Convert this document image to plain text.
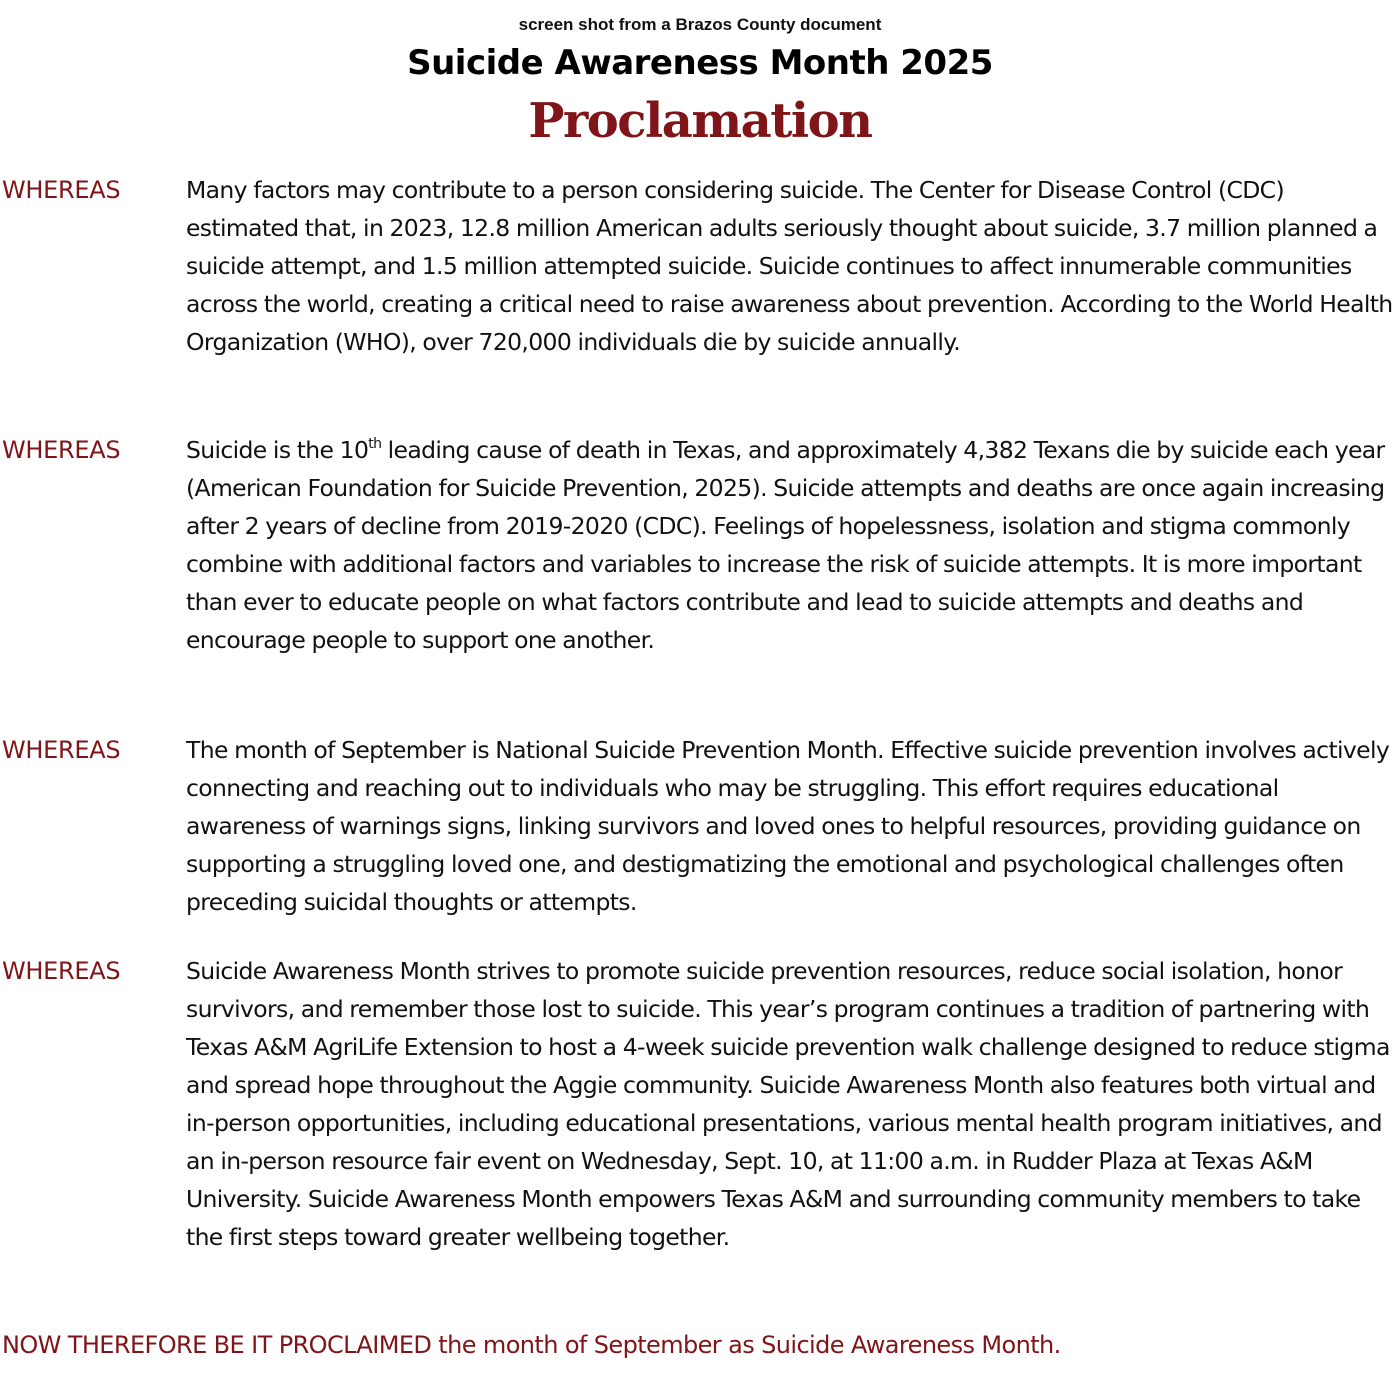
screen shot from a Brazos County document
Suicide Awareness Month 2025
Proclamation
WHEREAS	Many factors may contribute to a person considering suicide. The Center for Disease Control (CDC) estimated that, in 2023, 12.8 million American adults seriously thought about suicide, 3.7 million planned a suicide attempt, and 1.5 million attempted suicide. Suicide continues to affect innumerable communities across the world, creating a critical need to raise awareness about prevention. According to the World Health Organization (WHO), over 720,000 individuals die by suicide annually.
WHEREAS	Suicide is the 10th leading cause of death in Texas, and approximately 4,382 Texans die by suicide each year (American Foundation for Suicide Prevention, 2025). Suicide attempts and deaths are once again increasing after 2 years of decline from 2019-2020 (CDC). Feelings of hopelessness, isolation and stigma commonly combine with additional factors and variables to increase the risk of suicide attempts. It is more important than ever to educate people on what factors contribute and lead to suicide attempts and deaths and encourage people to support one another.
WHEREAS	The month of September is National Suicide Prevention Month. Effective suicide prevention involves actively connecting and reaching out to individuals who may be struggling. This effort requires educational awareness of warnings signs, linking survivors and loved ones to helpful resources, providing guidance on supporting a struggling loved one, and destigmatizing the emotional and psychological challenges often preceding suicidal thoughts or attempts.
WHEREAS	Suicide Awareness Month strives to promote suicide prevention resources, reduce social isolation, honor survivors, and remember those lost to suicide. This year’s program continues a tradition of partnering with Texas A&M AgriLife Extension to host a 4-week suicide prevention walk challenge designed to reduce stigma and spread hope throughout the Aggie community. Suicide Awareness Month also features both virtual and in-person opportunities, including educational presentations, various mental health program initiatives, and an in-person resource fair event on Wednesday, Sept. 10, at 11:00 a.m. in Rudder Plaza at Texas A&M University. Suicide Awareness Month empowers Texas A&M and surrounding community members to take the first steps toward greater wellbeing together.
NOW THEREFORE BE IT PROCLAIMED the month of September as Suicide Awareness Month.
